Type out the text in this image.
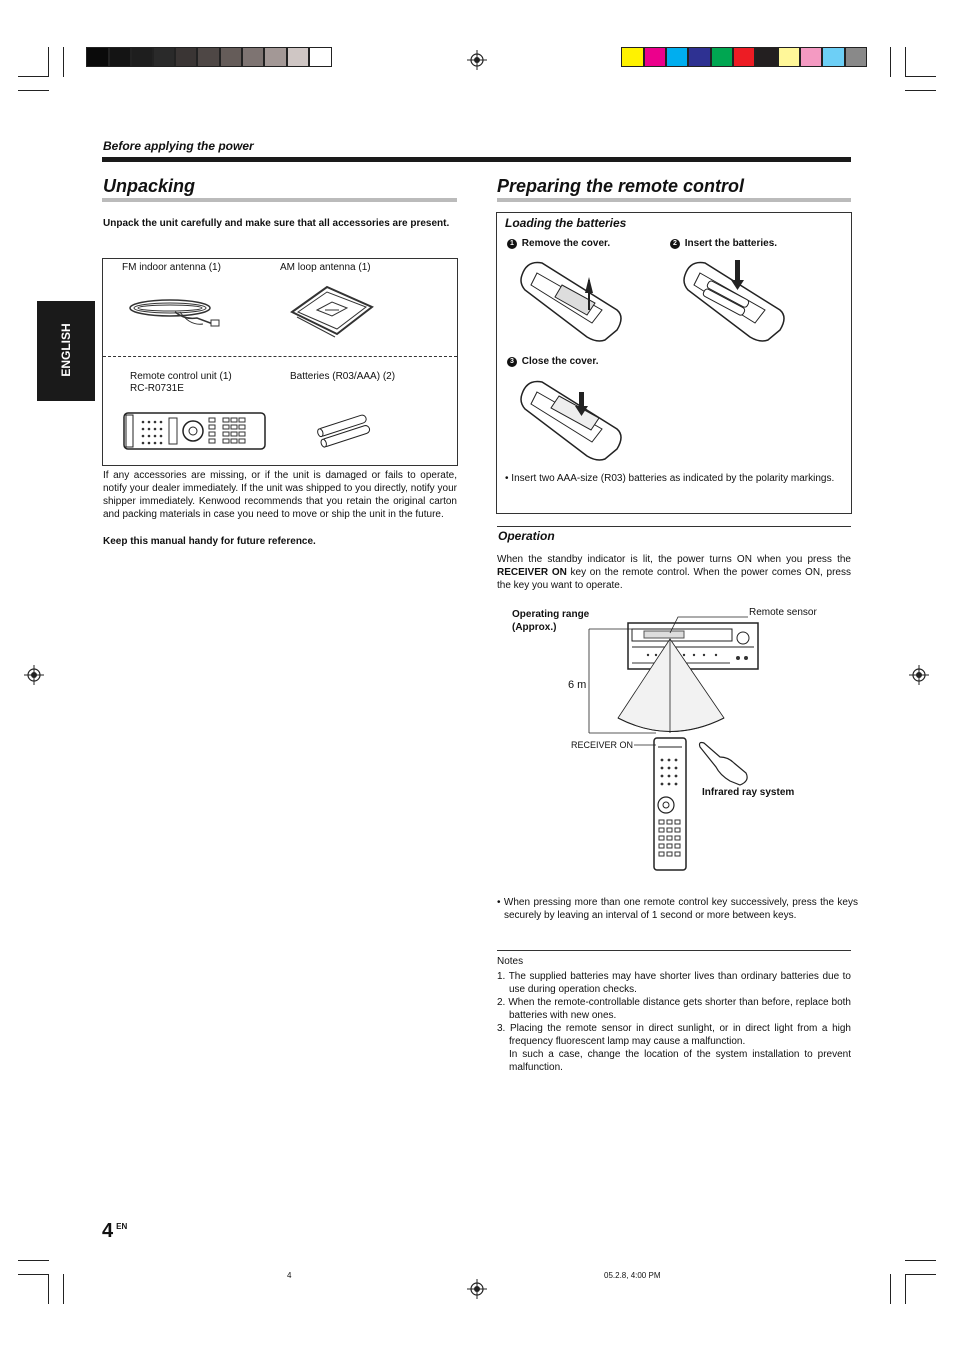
Before applying the power
ENGLISH
Unpacking
Unpack the unit carefully and make sure that all accessories are present.
FM indoor antenna (1)	AM loop antenna (1)
Remote control unit (1)
RC-R0731E
Batteries (R03/AAA) (2)
If any accessories are missing, or if the unit is damaged or fails to operate, notify your dealer immediately. If the unit was shipped to you directly, notify your shipper immediately. Kenwood recommends that you retain the original carton and packing materials in case you need to move or ship the unit in the future.
Keep this manual handy for future reference.
Preparing the remote control
Loading the batteries
1 Remove the cover.	2 Insert the batteries.
3 Close the cover.
• Insert two AAA-size (R03) batteries as indicated by the polarity markings.
Operation
When the standby indicator is lit, the power turns ON when you press the RECEIVER ON key on the remote control. When the power comes ON, press the key you want to operate.
Operating range
(Approx.)
Remote sensor
6 m
RECEIVER ON
Infrared ray system
• When pressing more than one remote control key successively, press the keys securely by leaving an interval of 1 second or more between keys.
Notes
1. The supplied batteries may have shorter lives than ordinary batteries due to use during operation checks.
2. When the remote-controllable distance gets shorter than before, replace both batteries with new ones.
3. Placing the remote sensor in direct sunlight, or in direct light from a high frequency fluorescent lamp may cause a malfunction.
In such a case, change the location of the system installation to prevent malfunction.
4 $^{EN}$
4	05.2.8, 4:00 PM
